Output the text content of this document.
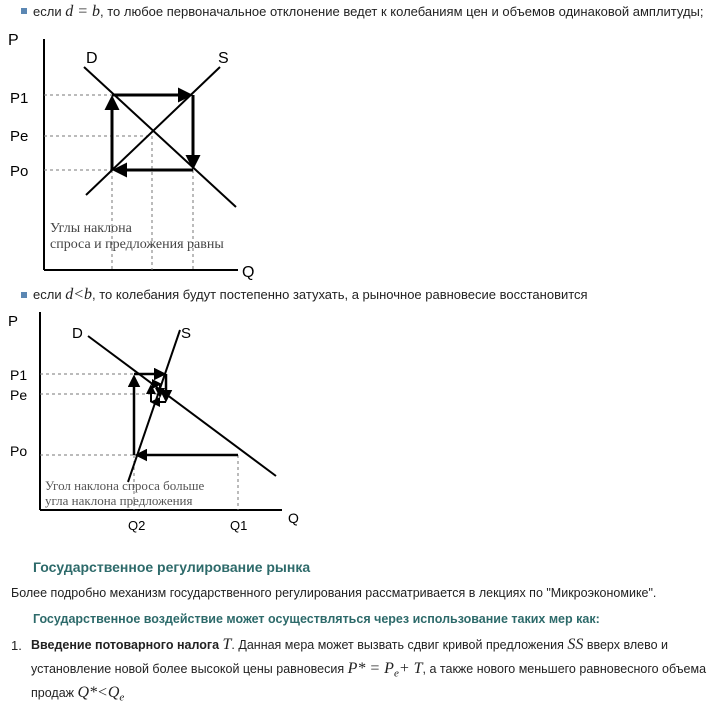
если d = b, то любое первоначальное отклонение ведет к колебаниям цен и объемов одинаковой амплитуды;
P
Q
D	S
P1
Pe
Po
Углы наклона
спроса и предложения равны
если d<b, то колебания будут постепенно затухать, а рыночное равновесие восстановится
P
Q
D	S
P1
Pe
Po
Q2	Q1
Угол наклона спроса больше
угла наклона предложения
Государственное регулирование рынка
Более подробно механизм государственного регулирования рассматривается в лекциях по "Микроэкономике".
Государственное воздействие может осуществляться через использование таких мер как:
1. Введение потоварного налога T. Данная мера может вызвать сдвиг кривой предложения SS вверх влево и
установление новой более высокой цены равновесия $P* = P_e+ T$, а также нового меньшего равновесного объема
продаж $Q*<Q_e$
